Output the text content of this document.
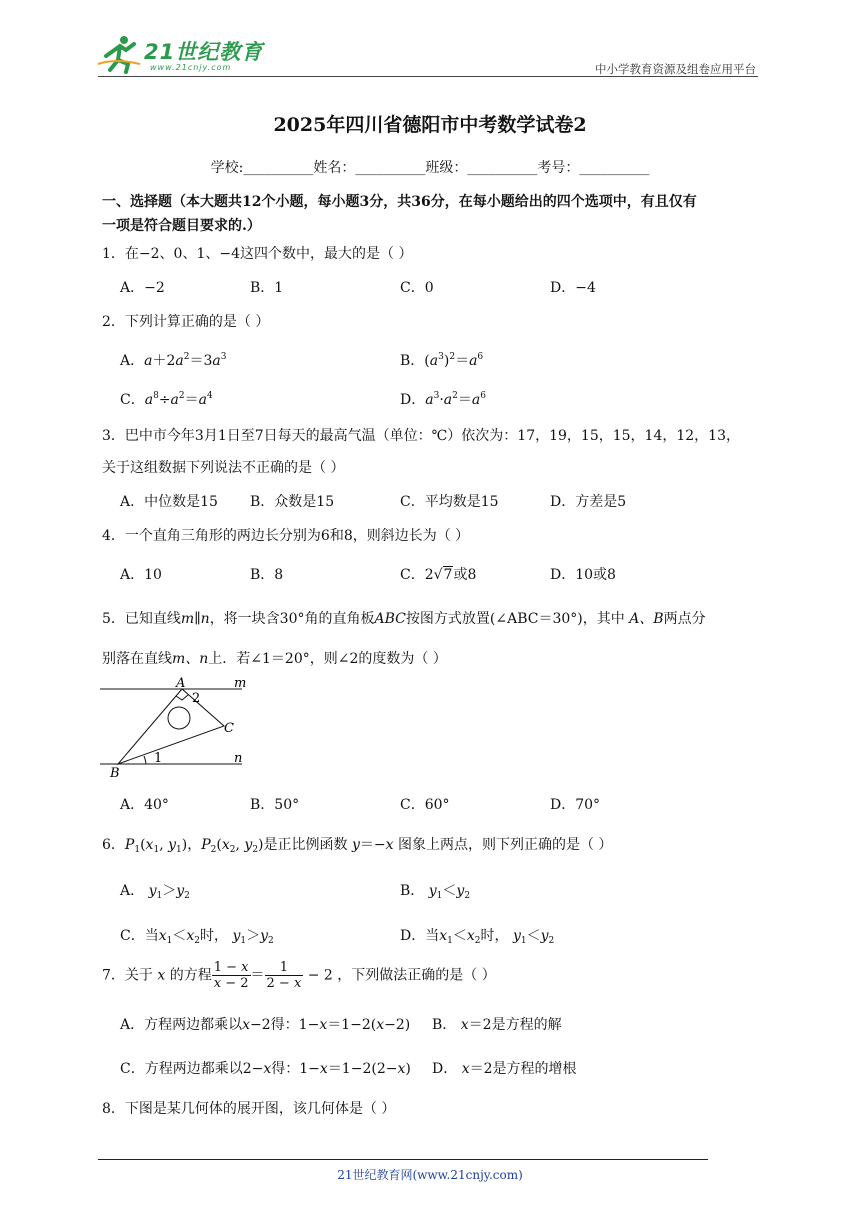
21世纪教育
www.21cnjy.com	中小学教育资源及组卷应用平台
2025年四川省德阳市中考数学试卷2
学校:__________姓名：__________班级：__________考号：__________
一、选择题（本大题共12个小题，每小题3分，共36分，在每小题给出的四个选项中，有且仅有
一项是符合题目要求的.）
1．在−2、0、1、−4这四个数中，最大的是（ ）
A．−2	B．1	C．0	D．−4
2．下列计算正确的是（ ）
A．$a+2a^2=3a^3$	B．$(a^3)^2=a^6$
C．$a^8\div a^2=a^4$	D．$a^3\cdot a^2=a^6$
3．巴中市今年3月1日至7日每天的最高气温（单位：℃）依次为：17，19，15，15，14，12，13，
关于这组数据下列说法不正确的是（ ）
A．中位数是15 B．众数是15	C．平均数是15	D．方差是5
4．一个直角三角形的两边长分别为6和8，则斜边长为（ ）
A．10	B．8	C．2√7或8	D．10或8
5．已知直线m∥n，将一块含30°角的直角板ABC按图方式放置(∠ABC＝30°)，其中 A、B两点分
别落在直线m、n上．若∠1＝20°，则∠2的度数为（ ）
A
2
m
C
1	n
B
A．40°	B．50°	C．60°	D．70°
6．$P_1(x_1$, $y_1$)，$P_2(x_2$, $y_2$)是正比例函数 y＝−x 图象上两点，则下列正确的是（ ）
A． $y_1>y_2$	B． $y_1<y_2$
C．当$x_1<x_2$时， $y_1>y_2$	D．当$x_1<x_2$时， $y_1<y_2$
7．关于 x 的方程 $\frac{1 - x}{x - 2} = \frac{1}{2 - x} - 2$ ，下列做法正确的是（ ）
A．方程两边都乘以x−2得：1−x＝1−2(x−2) B． x＝2是方程的解
C．方程两边都乘以2−x得：1−x＝1−2(2−x) D． x＝2是方程的增根
8．下图是某几何体的展开图，该几何体是（ ）
21世纪教育网(www.21cnjy.com)
